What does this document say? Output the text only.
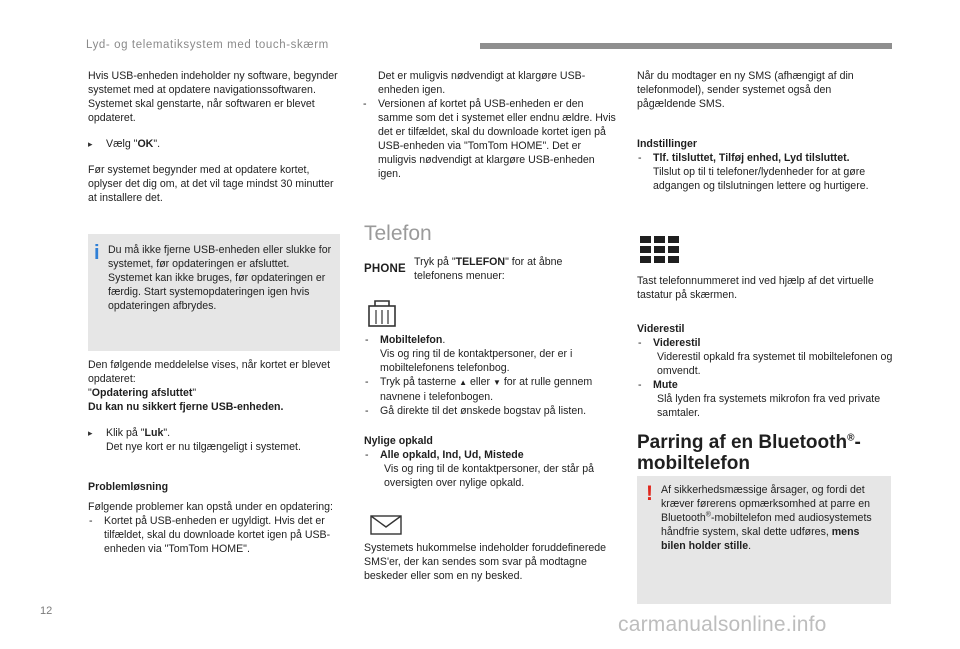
Lyd- og telematiksystem med touch-skærm

Hvis USB-enheden indeholder ny software, begynder systemet med at opdatere navigationssoftwaren. Systemet skal genstarte, når softwaren er blevet opdateret.

▸ Vælg "OK".

Før systemet begynder med at opdatere kortet, oplyser det dig om, at det vil tage mindst 30 minutter at installere det.

i Du må ikke fjerne USB-enheden eller slukke for systemet, før opdateringen er afsluttet. Systemet kan ikke bruges, før opdateringen er færdig. Start systemopdateringen igen hvis opdateringen afbrydes.

Den følgende meddelelse vises, når kortet er blevet opdateret:

"Opdatering afsluttet"

Du kan nu sikkert fjerne USB-enheden.

▸ Klik på "Luk".

Det nye kort er nu tilgængeligt i systemet.

Problemløsning

Følgende problemer kan opstå under en opdatering:

- Kortet på USB-enheden er ugyldigt. Hvis det er tilfældet, skal du downloade kortet igen på USB-enheden via "TomTom HOME".

Det er muligvis nødvendigt at klargøre USB-enheden igen.

- Versionen af kortet på USB-enheden er den samme som det i systemet eller endnu ældre. Hvis det er tilfældet, skal du downloade kortet igen på USB-enheden via "TomTom HOME". Det er muligvis nødvendigt at klargøre USB-enheden igen.

Telefon
PHONE
Tryk på "TELEFON" for at åbne telefonens menuer:

- Mobiltelefon.

Vis og ring til de kontaktpersoner, der er i mobiltelefonens telefonbog.

- Tryk på tasterne ▲ eller ▼ for at rulle gennem navnene i telefonbogen.

- Gå direkte til det ønskede bogstav på listen.

Nylige opkald

- Alle opkald, Ind, Ud, Mistede

Vis og ring til de kontaktpersoner, der står på oversigten over nylige opkald.

Systemets hukommelse indeholder foruddefinerede SMS'er, der kan sendes som svar på modtagne beskeder eller som en ny besked.

Når du modtager en ny SMS (afhængigt af din telefonmodel), sender systemet også den pågældende SMS.

Indstillinger

- Tlf. tilsluttet, Tilføj enhed, Lyd tilsluttet.

Tilslut op til ti telefoner/lydenheder for at gøre adgangen og tilslutningen lettere og hurtigere.

Tast telefonnummeret ind ved hjælp af det virtuelle tastatur på skærmen.

Viderestil

- Viderestil

Viderestil opkald fra systemet til mobiltelefonen og omvendt.

- Mute

Slå lyden fra systemets mikrofon fra ved private samtaler.

Parring af en Bluetooth®-
mobiltelefon
! Af sikkerhedsmæssige årsager, og fordi det kræver førerens opmærksomhed at parre en Bluetooth®-mobiltelefon med audiosystemets håndfrie system, skal dette udføres, mens bilen holder stille.

12
carmanualsonline.info
